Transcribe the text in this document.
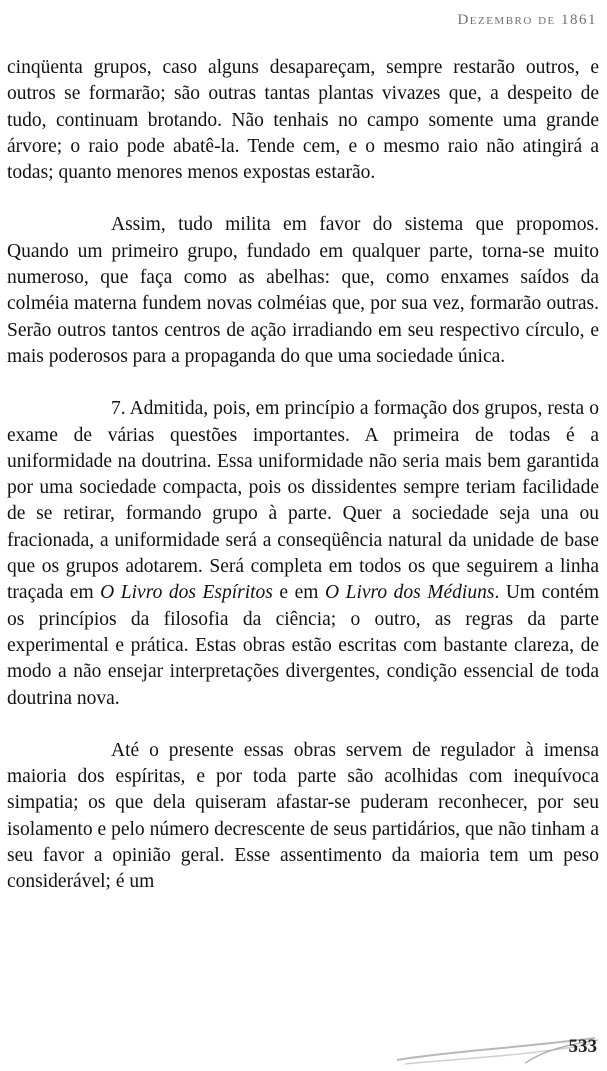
Dezembro de 1861

cinqüenta grupos, caso alguns desapareçam, sempre restarão outros, e outros se formarão; são outras tantas plantas vivazes que, a despeito de tudo, continuam brotando. Não tenhais no campo somente uma grande árvore; o raio pode abatê-la. Tende cem, e o mesmo raio não atingirá a todas; quanto menores menos expostas estarão.

Assim, tudo milita em favor do sistema que propomos. Quando um primeiro grupo, fundado em qualquer parte, torna-se muito numeroso, que faça como as abelhas: que, como enxames saídos da colméia materna fundem novas colméias que, por sua vez, formarão outras. Serão outros tantos centros de ação irradiando em seu respectivo círculo, e mais poderosos para a propaganda do que uma sociedade única.

7. Admitida, pois, em princípio a formação dos grupos, resta o exame de várias questões importantes. A primeira de todas é a uniformidade na doutrina. Essa uniformidade não seria mais bem garantida por uma sociedade compacta, pois os dissidentes sempre teriam facilidade de se retirar, formando grupo à parte. Quer a sociedade seja una ou fracionada, a uniformidade será a conseqüência natural da unidade de base que os grupos adotarem. Será completa em todos os que seguirem a linha traçada em O Livro dos Espíritos e em O Livro dos Médiuns. Um contém os princípios da filosofia da ciência; o outro, as regras da parte experimental e prática. Estas obras estão escritas com bastante clareza, de modo a não ensejar interpretações divergentes, condição essencial de toda doutrina nova.

Até o presente essas obras servem de regulador à imensa maioria dos espíritas, e por toda parte são acolhidas com inequívoca simpatia; os que dela quiseram afastar-se puderam reconhecer, por seu isolamento e pelo número decrescente de seus partidários, que não tinham a seu favor a opinião geral. Esse assentimento da maioria tem um peso considerável; é um

533
